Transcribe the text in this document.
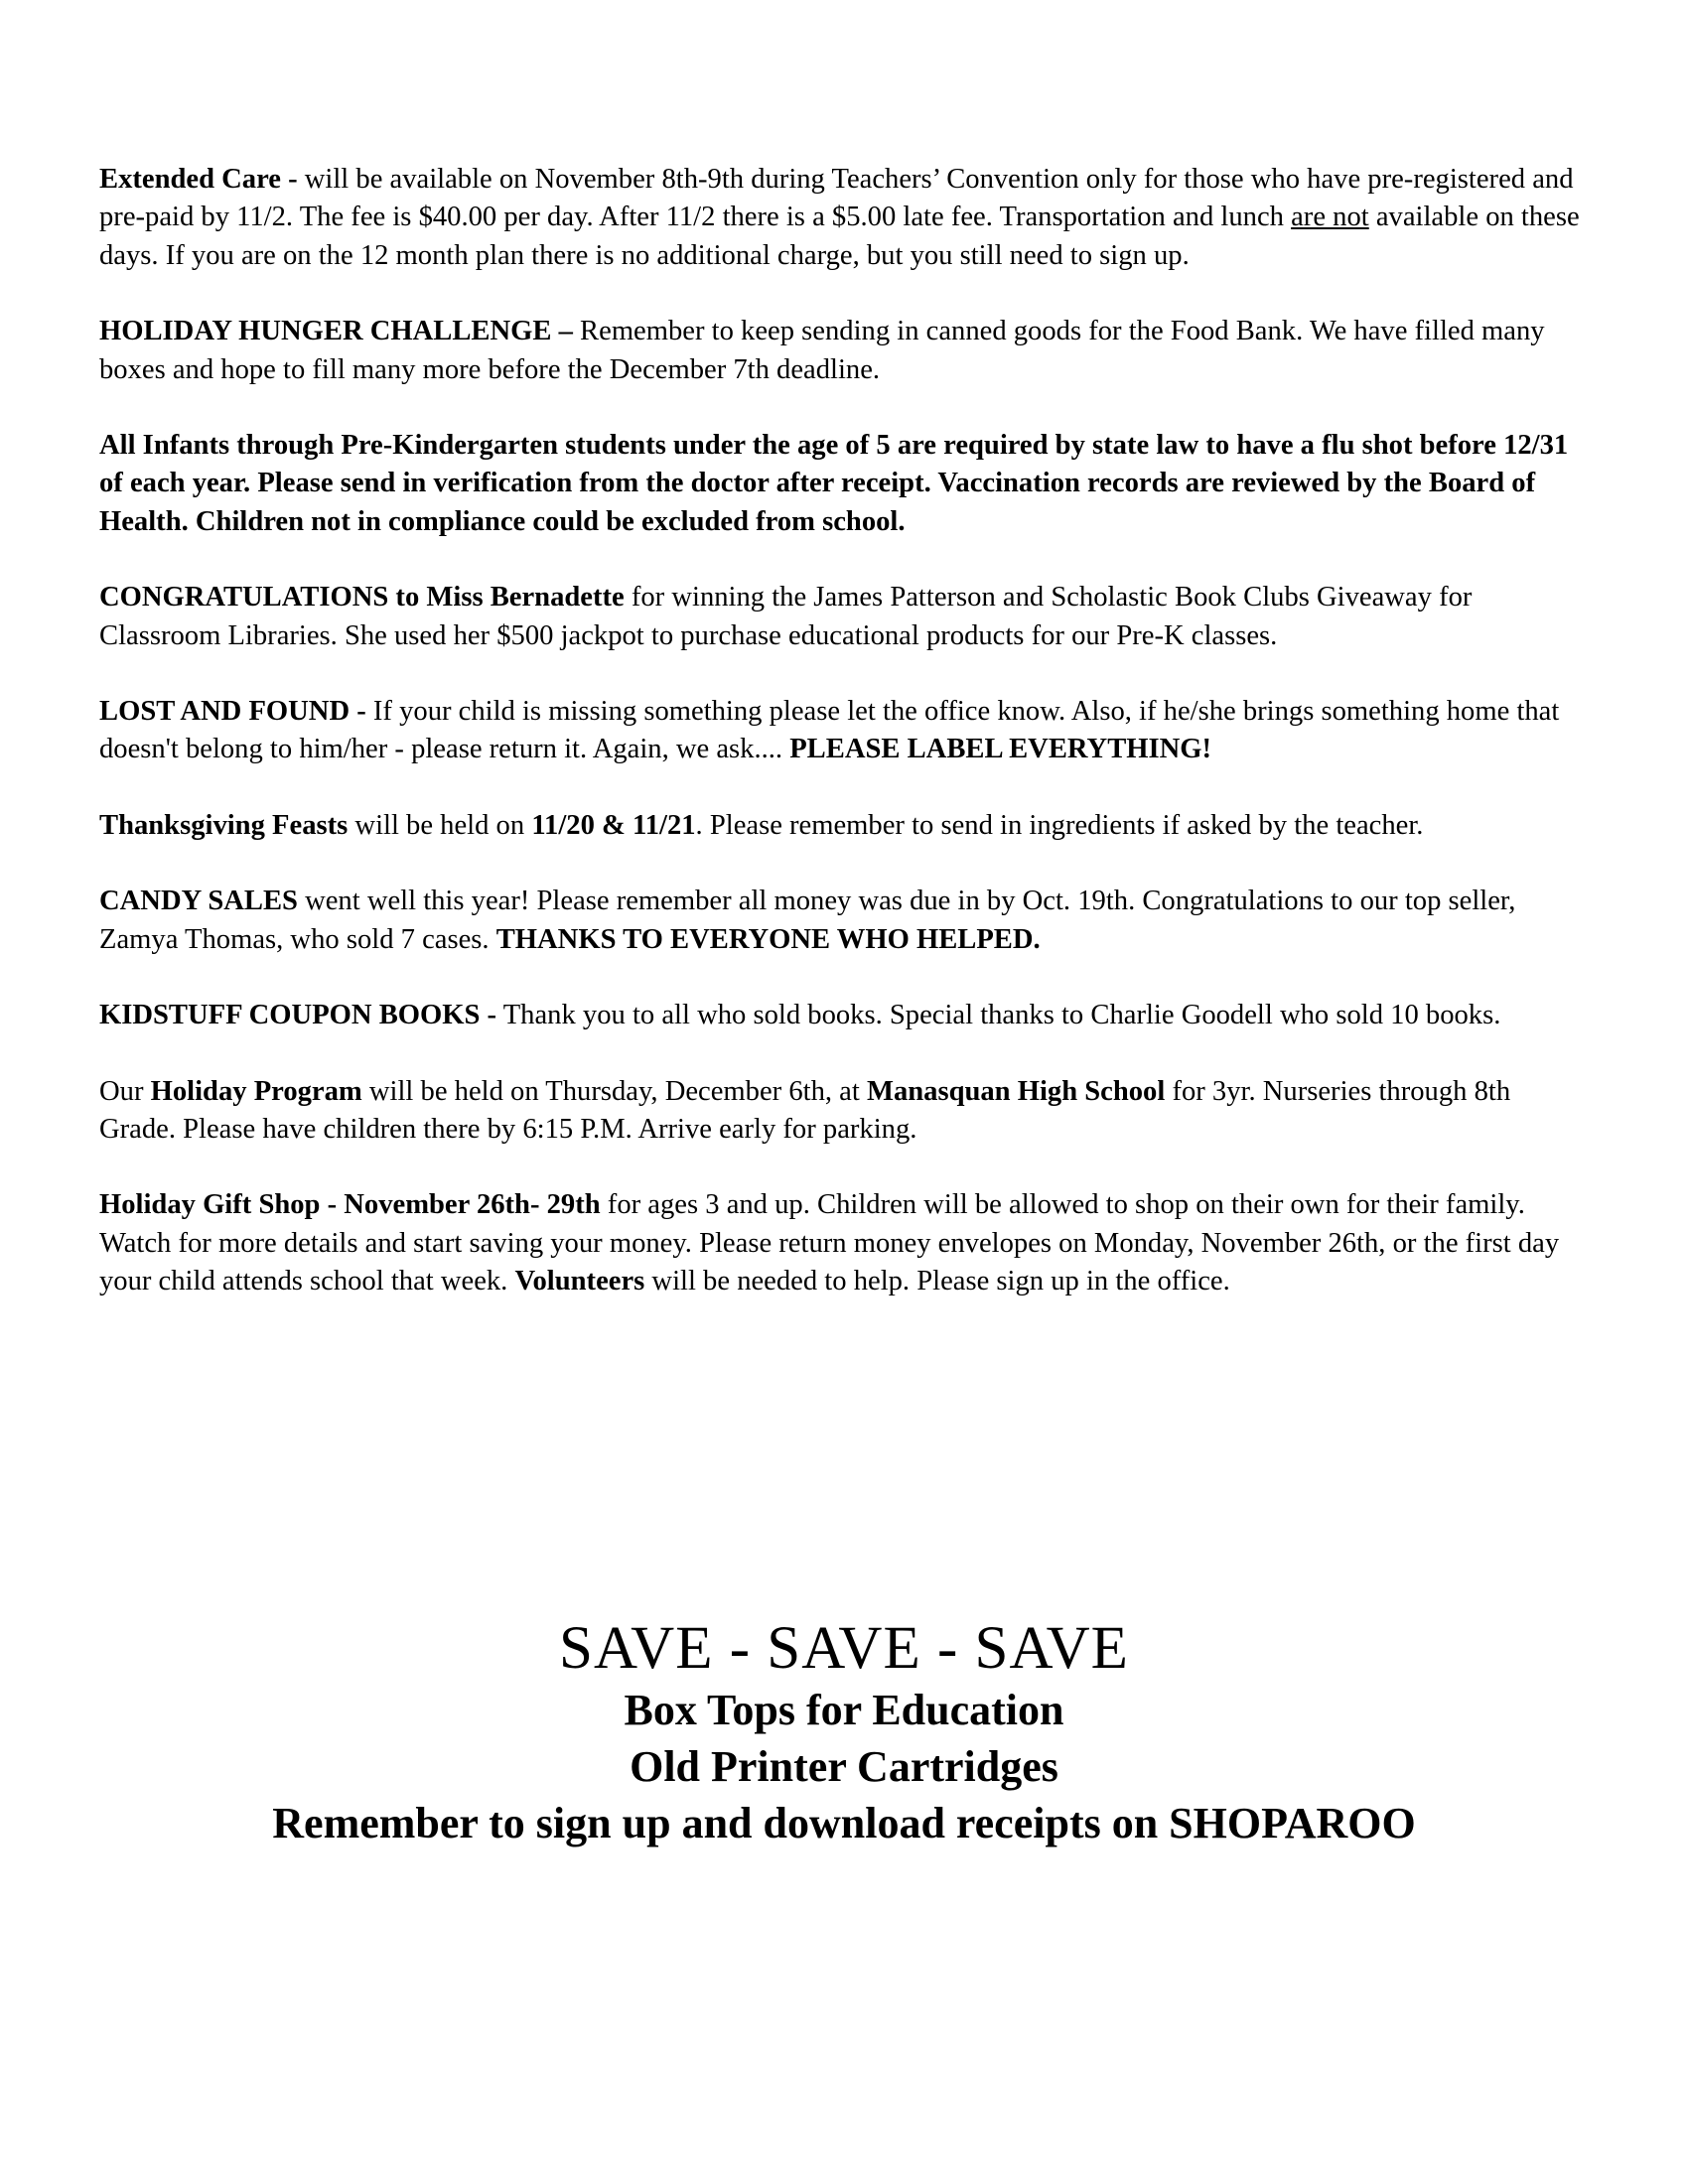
Extended Care - will be available on November 8th-9th during Teachers’ Convention only for those who have pre-registered and pre-paid by 11/2. The fee is $40.00 per day. After 11/2 there is a $5.00 late fee. Transportation and lunch are not available on these days. If you are on the 12 month plan there is no additional charge, but you still need to sign up.

HOLIDAY HUNGER CHALLENGE – Remember to keep sending in canned goods for the Food Bank. We have filled many boxes and hope to fill many more before the December 7th deadline.

All Infants through Pre-Kindergarten students under the age of 5 are required by state law to have a flu shot before 12/31 of each year. Please send in verification from the doctor after receipt. Vaccination records are reviewed by the Board of Health. Children not in compliance could be excluded from school.

CONGRATULATIONS to Miss Bernadette for winning the James Patterson and Scholastic Book Clubs Giveaway for Classroom Libraries. She used her $500 jackpot to purchase educational products for our Pre-K classes.

LOST AND FOUND - If your child is missing something please let the office know. Also, if he/she brings something home that doesn't belong to him/her - please return it. Again, we ask.... PLEASE LABEL EVERYTHING!

Thanksgiving Feasts will be held on 11/20 & 11/21. Please remember to send in ingredients if asked by the teacher.

CANDY SALES went well this year! Please remember all money was due in by Oct. 19th. Congratulations to our top seller, Zamya Thomas, who sold 7 cases. THANKS TO EVERYONE WHO HELPED.

KIDSTUFF COUPON BOOKS - Thank you to all who sold books. Special thanks to Charlie Goodell who sold 10 books.

Our Holiday Program will be held on Thursday, December 6th, at Manasquan High School for 3yr. Nurseries through 8th Grade. Please have children there by 6:15 P.M. Arrive early for parking.

Holiday Gift Shop - November 26th- 29th for ages 3 and up. Children will be allowed to shop on their own for their family. Watch for more details and start saving your money. Please return money envelopes on Monday, November 26th, or the first day your child attends school that week. Volunteers will be needed to help. Please sign up in the office.

SAVE - SAVE - SAVE
Box Tops for Education
Old Printer Cartridges
Remember to sign up and download receipts on SHOPAROO
